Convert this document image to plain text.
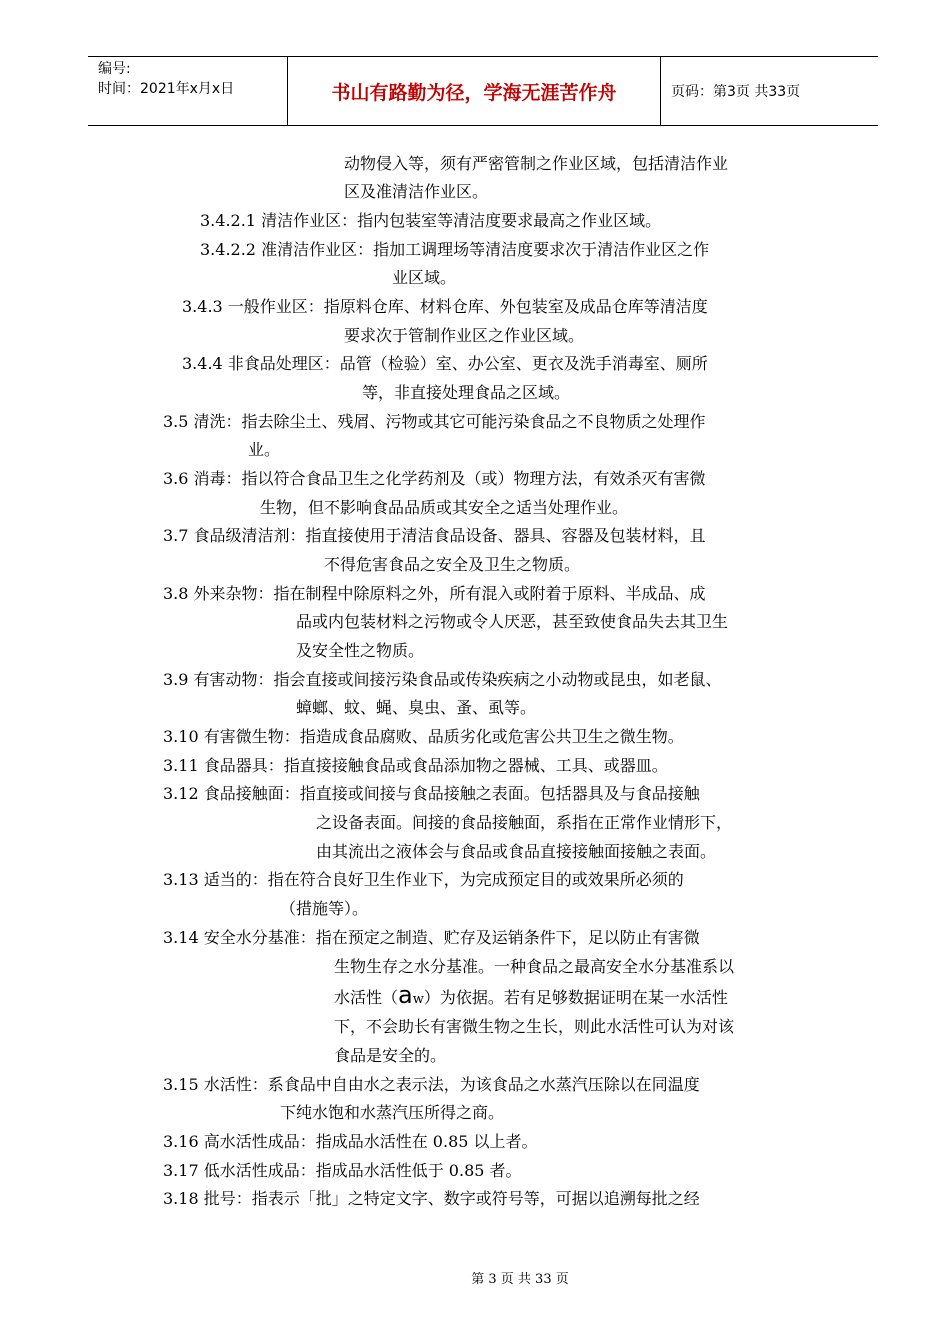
编号:
时间：2021年x月x日	书山有路勤为径，学海无涯苦作舟	页码：第3页 共33页
动物侵入等，须有严密管制之作业区域，包括清洁作业
区及准清洁作业区。
3.4.2.1 清洁作业区：指内包装室等清洁度要求最高之作业区域。
3.4.2.2 准清洁作业区：指加工调理场等清洁度要求次于清洁作业区之作
业区域。
3.4.3 一般作业区：指原料仓库、材料仓库、外包装室及成品仓库等清洁度
要求次于管制作业区之作业区域。
3.4.4 非食品处理区：品管（检验）室、办公室、更衣及洗手消毒室、厕所
等，非直接处理食品之区域。
3.5 清洗：指去除尘土、残屑、污物或其它可能污染食品之不良物质之处理作
业。
3.6 消毒：指以符合食品卫生之化学药剂及（或）物理方法，有效杀灭有害微
生物，但不影响食品品质或其安全之适当处理作业。
3.7 食品级清洁剂：指直接使用于清洁食品设备、器具、容器及包装材料，且
不得危害食品之安全及卫生之物质。
3.8 外来杂物：指在制程中除原料之外，所有混入或附着于原料、半成品、成
品或内包装材料之污物或令人厌恶，甚至致使食品失去其卫生
及安全性之物质。
3.9 有害动物：指会直接或间接污染食品或传染疾病之小动物或昆虫，如老鼠、
蟑螂、蚊、蝇、臭虫、蚤、虱等。
3.10 有害微生物：指造成食品腐败、品质劣化或危害公共卫生之微生物。
3.11 食品器具：指直接接触食品或食品添加物之器械、工具、或器皿。
3.12 食品接触面：指直接或间接与食品接触之表面。包括器具及与食品接触
之设备表面。间接的食品接触面，系指在正常作业情形下，
由其流出之液体会与食品或食品直接接触面接触之表面。
3.13 适当的：指在符合良好卫生作业下，为完成预定目的或效果所必须的
（措施等）。
3.14 安全水分基准：指在预定之制造、贮存及运销条件下，足以防止有害微
生物生存之水分基准。一种食品之最高安全水分基准系以
水活性（aw）为依据。若有足够数据证明在某一水活性
下，不会助长有害微生物之生长，则此水活性可认为对该
食品是安全的。
3.15 水活性：系食品中自由水之表示法，为该食品之水蒸汽压除以在同温度
下纯水饱和水蒸汽压所得之商。
3.16 高水活性成品：指成品水活性在 0.85 以上者。
3.17 低水活性成品：指成品水活性低于 0.85 者。
3.18 批号：指表示「批」之特定文字、数字或符号等，可据以追溯每批之经
第 3 页 共 33 页
